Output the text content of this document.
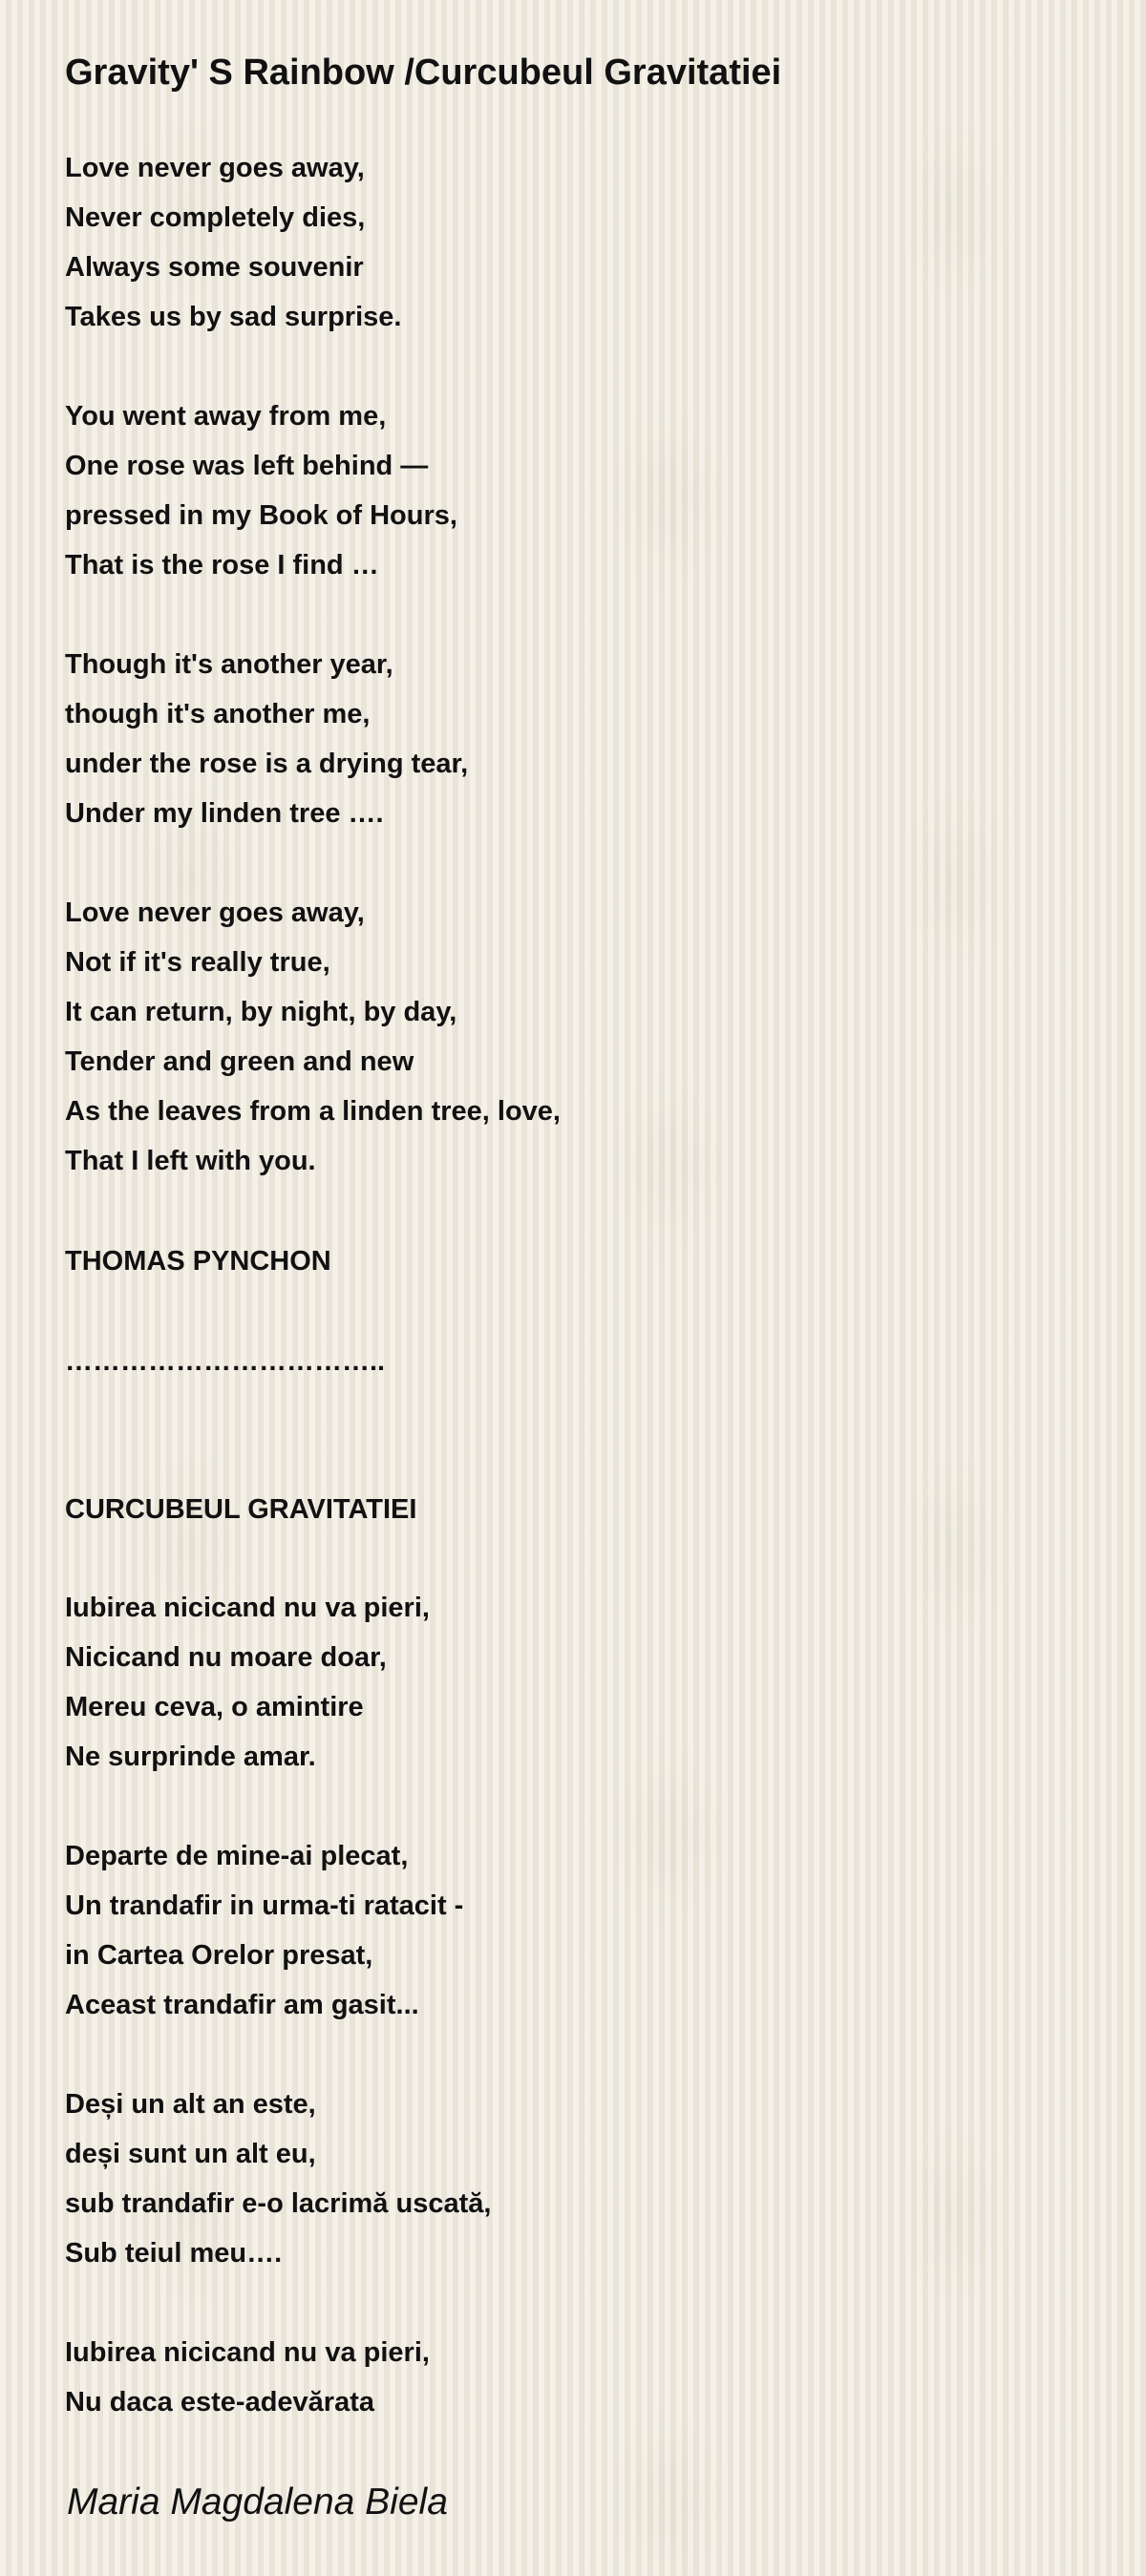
Gravity' S Rainbow /Curcubeul Gravitatiei
Love never goes away,
Never completely dies,
Always some souvenir
Takes us by sad surprise.
You went away from me,
One rose was left behind —
pressed in my Book of Hours,
That is the rose I find …
Though it's another year,
though it's another me,
under the rose is a drying tear,
Under my linden tree ….
Love never goes away,
Not if it's really true,
It can return, by night, by day,
Tender and green and new
As the leaves from a linden tree, love,
That I left with you.
THOMAS PYNCHON
……………………………..
CURCUBEUL GRAVITATIEI
Iubirea nicicand nu va pieri,
Nicicand nu moare doar,
Mereu ceva, o amintire
Ne surprinde amar.
Departe de mine-ai plecat,
Un trandafir in urma-ti ratacit -
in Cartea Orelor presat,
Aceast trandafir am gasit...
Deși un alt an este,
deși sunt un alt eu,
sub trandafir e-o lacrimă uscată,
Sub teiul meu….
Iubirea nicicand nu va pieri,
Nu daca este-adevărata

Maria Magdalena Biela
